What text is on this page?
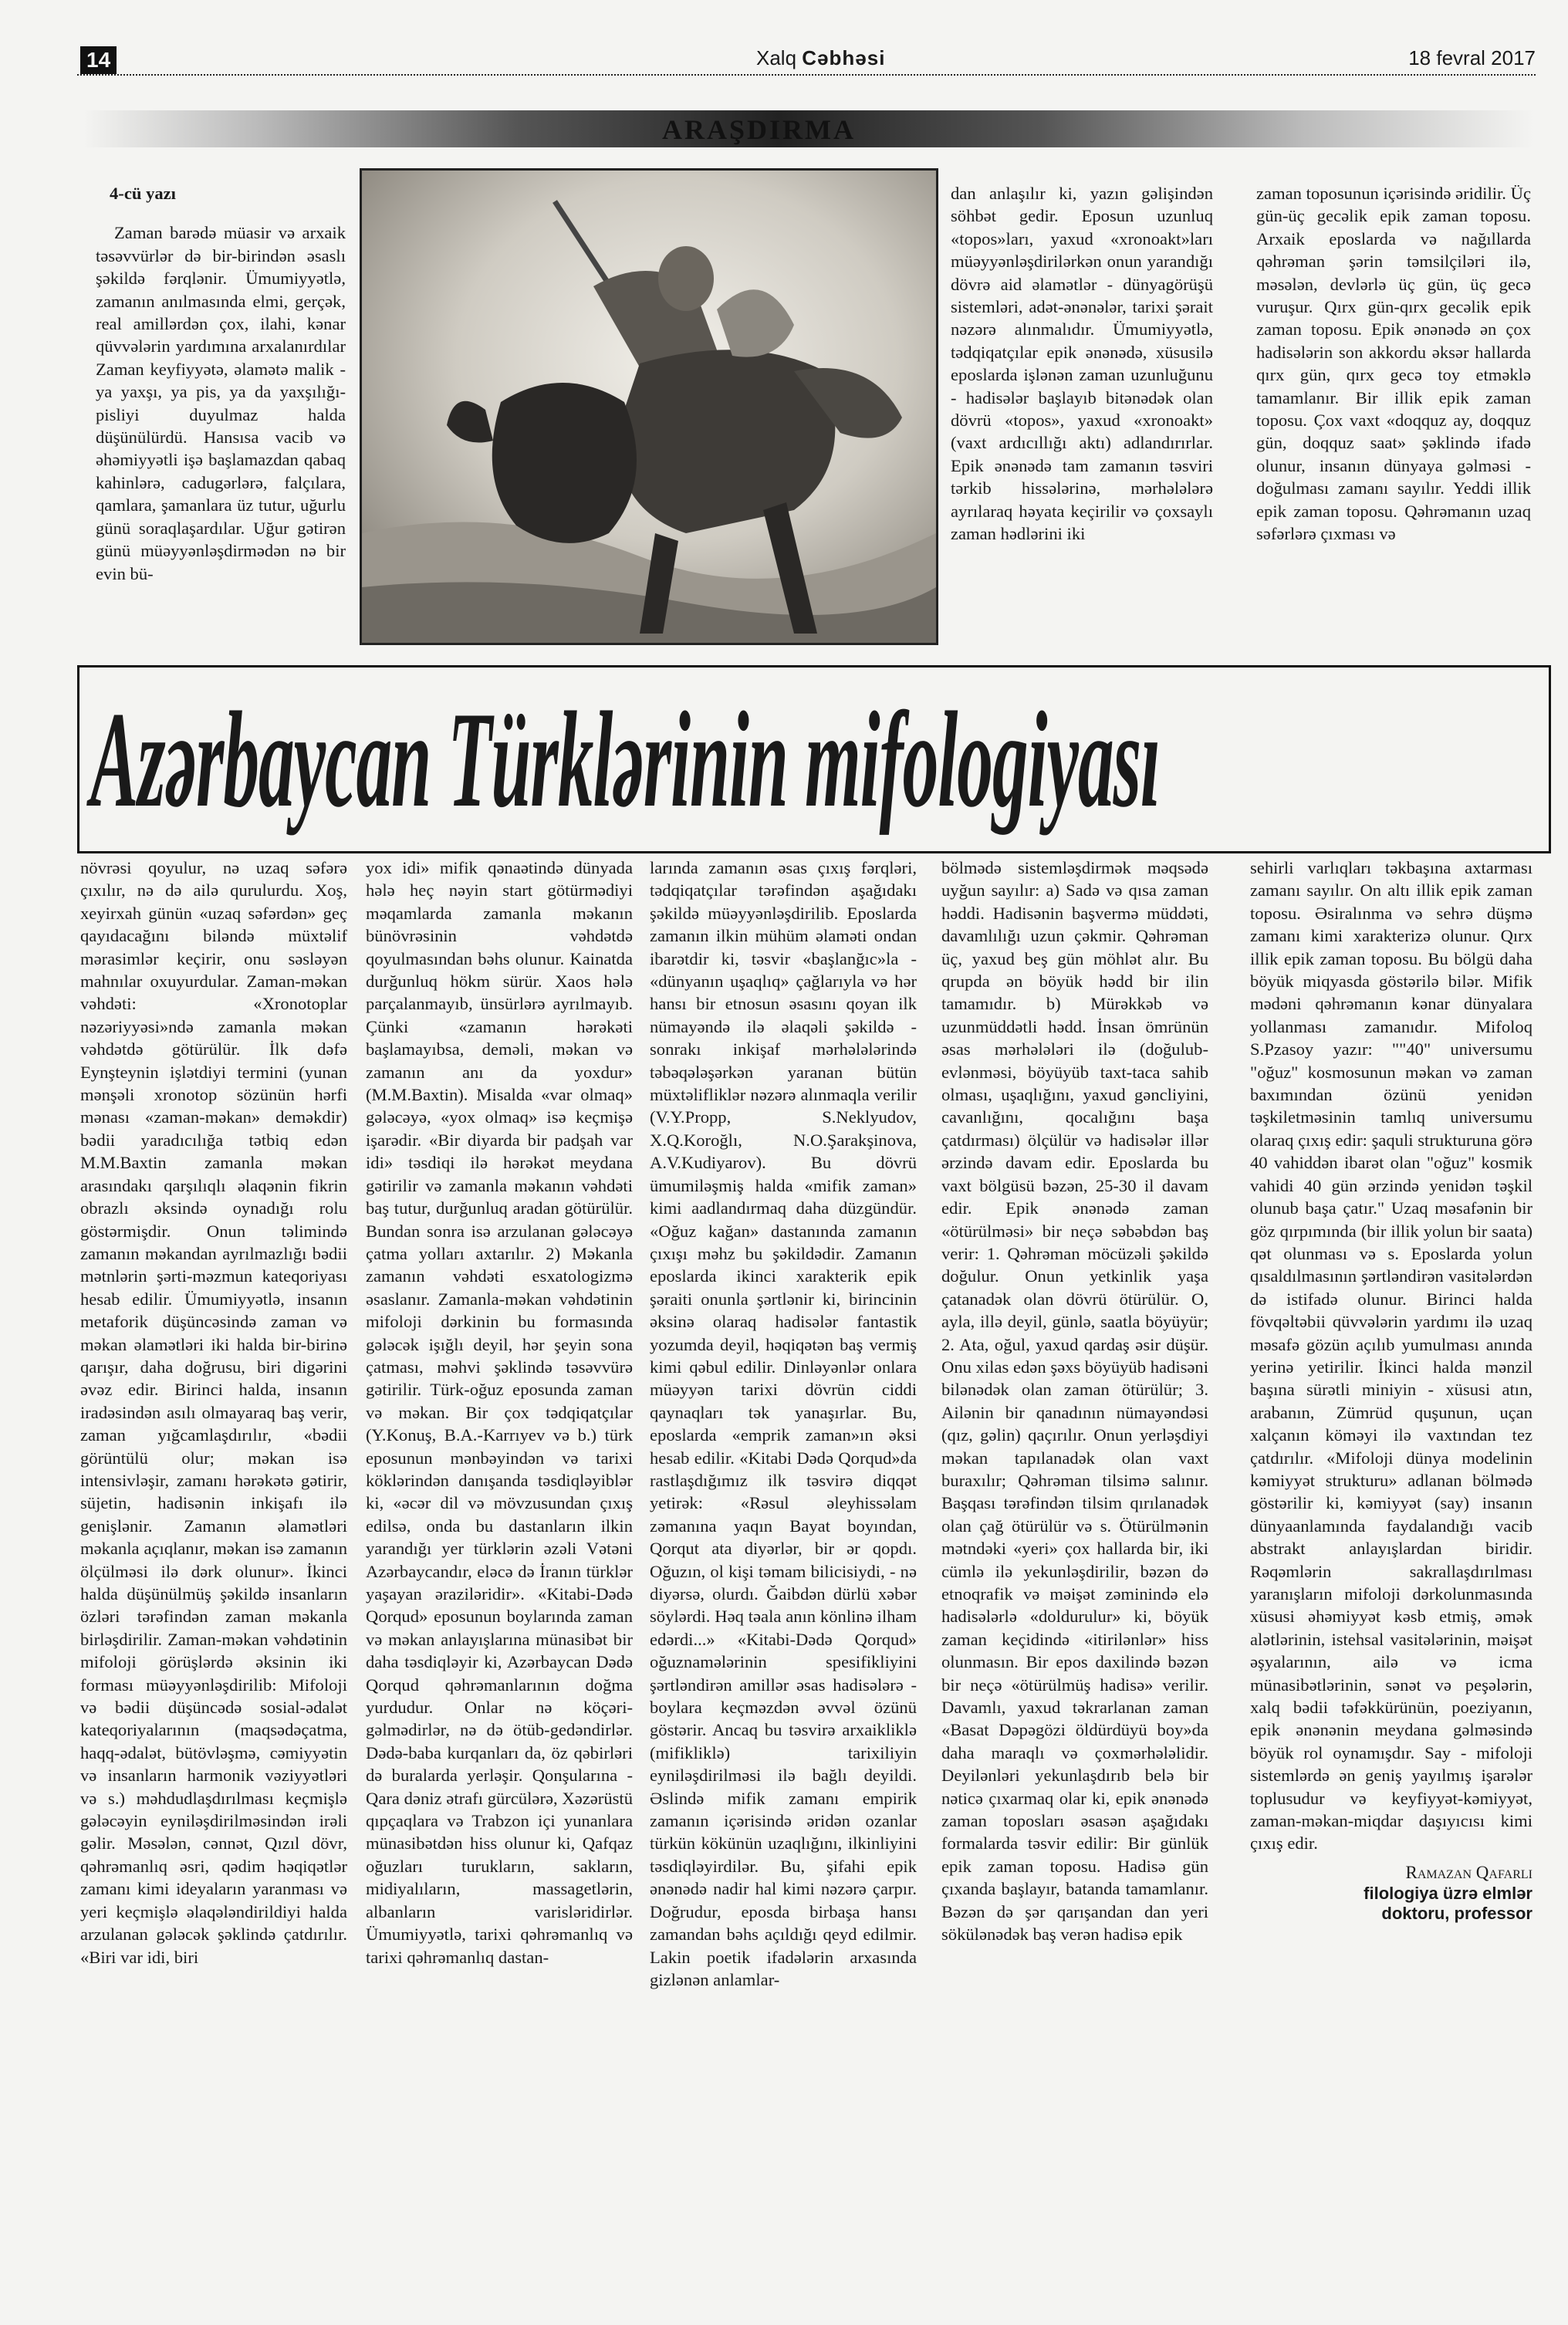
14	Xalq Cəbhəsi	18 fevral 2017
ARAŞDIRMA

4-cü yazı

Zaman barədə müasir və arxaik təsəvvürlər də bir-birindən əsaslı şəkildə fərqlənir. Ümumiyyətlə, zamanın anılmasında elmi, gerçək, real amillərdən çox, ilahi, kənar qüvvələrin yardımına arxalanırdılar Zaman keyfiyyətə, əlamətə malik - ya yaxşı, ya pis, ya da yaxşılığı-pisliyi duyulmaz halda düşünülürdü. Hansısa vacib və əhəmiyyətli işə başlamazdan qabaq kahinlərə, cadugərlərə, falçılara, qamlara, şamanlara üz tutur, uğurlu günü soraqlaşardılar. Uğur gətirən günü müəyyənləşdirmədən nə bir evin bü-

dan anlaşılır ki, yazın gəlişindən söhbət gedir. Eposun uzunluq «topos»ları, yaxud «xronoakt»ları müəyyənləşdirilərkən onun yarandığı dövrə aid əlamətlər - dünyagörüşü sistemləri, adət-ənənələr, tarixi şərait nəzərə alınmalıdır. Ümumiyyətlə, tədqiqatçılar epik ənənədə, xüsusilə eposlarda işlənən zaman uzunluğunu - hadisələr başlayıb bitənədək olan dövrü «topos», yaxud «xronoakt» (vaxt ardıcıllığı aktı) adlandırırlar. Epik ənənədə tam zamanın təsviri tərkib hissələrinə, mərhələlərə ayrılaraq həyata keçirilir və çoxsaylı zaman hədlərini iki

zaman toposunun içərisində əridilir. Üç gün-üç gecəlik epik zaman toposu. Arxaik eposlarda və nağıllarda qəhrəman şərin təmsilçiləri ilə, məsələn, devlərlə üç gün, üç gecə vuruşur. Qırx gün-qırx gecəlik epik zaman toposu. Epik ənənədə ən çox hadisələrin son akkordu əksər hallarda qırx gün, qırx gecə toy etməklə tamamlanır. Bir illik epik zaman toposu. Çox vaxt «doqquz ay, doqquz gün, doqquz saat» şəklində ifadə olunur, insanın dünyaya gəlməsi - doğulması zamanı sayılır. Yeddi illik epik zaman toposu. Qəhrəmanın uzaq səfərlərə çıxması və

Azərbaycan Türklərinin mifologiyası

növrəsi qoyulur, nə uzaq səfərə çıxılır, nə də ailə qurulurdu. Xoş, xeyirxah günün «uzaq səfərdən» geç qayıdacağını biləndə müxtəlif mərasimlər keçirir, onu səsləyən mahnılar oxuyurdular. Zaman-məkan vəhdəti: «Xronotoplar nəzəriyyəsi»ndə zamanla məkan vəhdətdə götürülür. İlk dəfə Eynşteynin işlətdiyi termini (yunan mənşəli xronotop sözünün hərfi mənası «zaman-məkan» deməkdir) bədii yaradıcılığa tətbiq edən M.M.Baxtin zamanla məkan arasındakı qarşılıqlı əlaqənin fikrin obrazlı əksində oynadığı rolu göstərmişdir. Onun təlimində zamanın məkandan ayrılmazlığı bədii mətnlərin şərti-məzmun kateqoriyası hesab edilir. Ümumiyyətlə, insanın metaforik düşüncəsində zaman və məkan əlamətləri iki halda bir-birinə qarışır, daha doğrusu, biri digərini əvəz edir. Birinci halda, insanın iradəsindən asılı olmayaraq baş verir, zaman yığcamlaşdırılır, «bədii görüntülü olur; məkan isə intensivləşir, zamanı hərəkətə gətirir, süjetin, hadisənin inkişafı ilə genişlənir. Zamanın əlamətləri məkanla açıqlanır, məkan isə zamanın ölçülməsi ilə dərk olunur». İkinci halda düşünülmüş şəkildə insanların özləri tərəfindən zaman məkanla birləşdirilir. Zaman-məkan vəhdətinin mifoloji görüşlərdə əksinin iki forması müəyyənləşdirilib: Mifoloji və bədii düşüncədə sosial-ədalət kateqoriyalarının (maqsədəçatma, haqq-ədalət, bütövləşmə, cəmiyyətin və insanların harmonik vəziyyətləri və s.) məhdudlaşdırılması keçmişlə gələcəyin eyniləşdirilməsindən irəli gəlir. Məsələn, cənnət, Qızıl dövr, qəhrəmanlıq əsri, qədim həqiqətlər zamanı kimi ideyaların yaranması və yeri keçmişlə əlaqələndirildiyi halda arzulanan gələcək şəklində çatdırılır. «Biri var idi, biri

yox idi» mifik qənaətində dünyada hələ heç nəyin start götürmədiyi məqamlarda zamanla məkanın bünövrəsinin vəhdətdə qoyulmasından bəhs olunur. Kainatda durğunluq hökm sürür. Xaos hələ parçalanmayıb, ünsürlərə ayrılmayıb. Çünki «zamanın hərəkəti başlamayıbsa, deməli, məkan və zamanın anı da yoxdur» (M.M.Baxtin). Misalda «var olmaq» gələcəyə, «yox olmaq» isə keçmişə işarədir. «Bir diyarda bir padşah var idi» təsdiqi ilə hərəkət meydana gətirilir və zamanla məkanın vəhdəti baş tutur, durğunluq aradan götürülür. Bundan sonra isə arzulanan gələcəyə çatma yolları axtarılır. 2) Məkanla zamanın vəhdəti esxatologizmə əsaslanır. Zamanla-məkan vəhdətinin mifoloji dərkinin bu formasında gələcək işığlı deyil, hər şeyin sona çatması, məhvi şəklində təsəvvürə gətirilir. Türk-oğuz eposunda zaman və məkan. Bir çox tədqiqatçılar (Y.Konuş, B.A.-Karrıyev və b.) türk eposunun mənbəyindən və tarixi köklərindən danışanda təsdiqləyiblər ki, «əcər dil və mövzusundan çıxış edilsə, onda bu dastanların ilkin yarandığı yer türklərin əzəli Vətəni Azərbaycandır, eləcə də İranın türklər yaşayan əraziləridir». «Kitabi-Dədə Qorqud» eposunun boylarında zaman və məkan anlayışlarına münasibət bir daha təsdiqləyir ki, Azərbaycan Dədə Qorqud qəhrəmanlarının doğma yurdudur. Onlar nə köçəri-gəlmədirlər, nə də ötüb-gedəndirlər. Dədə-baba kurqanları da, öz qəbirləri də buralarda yerləşir. Qonşularına - Qara dəniz ətrafı gürcülərə, Xəzərüstü qıpçaqlara və Trabzon içi yunanlara münasibətdən hiss olunur ki, Qafqaz oğuzları turukların, sakların, midiyalıların, massagetlərin, albanların varisləridirlər. Ümumiyyətlə, tarixi qəhrəmanlıq və tarixi qəhrəmanlıq dastan-

larında zamanın əsas çıxış fərqləri, tədqiqatçılar tərəfindən aşağıdakı şəkildə müəyyənləşdirilib. Eposlarda zamanın ilkin mühüm əlaməti ondan ibarətdir ki, təsvir «başlanğıc»la - «dünyanın uşaqlıq» çağlarıyla və hər hansı bir etnosun əsasını qoyan ilk nümayəndə ilə əlaqəli şəkildə - sonrakı inkişaf mərhələlərində təbəqələşərkən yaranan bütün müxtəlifliklər nəzərə alınmaqla verilir (V.Y.Propp, S.Neklyudov, X.Q.Koroğlı, N.O.Şarakşinova, A.V.Kudiyarov). Bu dövrü ümumiləşmiş halda «mifik zaman» kimi aadlandırmaq daha düzgündür. «Oğuz kağan» dastanında zamanın çıxışı məhz bu şəkildədir. Zamanın eposlarda ikinci xarakterik epik şəraiti onunla şərtlənir ki, birincinin əksinə olaraq hadisələr fantastik yozumda deyil, həqiqətən baş vermiş kimi qəbul edilir. Dinləyənlər onlara müəyyən tarixi dövrün ciddi qaynaqları tək yanaşırlar. Bu, eposlarda «emprik zaman»ın əksi hesab edilir. «Kitabi Dədə Qorqud»da rastlaşdığımız ilk təsvirə diqqət yetirək: «Rəsul əleyhissəlam zəmanına yaqın Bayat boyından, Qorqut ata diyərlər, bir ər qopdı. Oğuzın, ol kişi təmam bilicisiydi, - nə diyərsə, olurdı. Ğaibdən dürlü xəbər söylərdi. Həq təala anın könlinə ilham edərdi...» «Kitabi-Dədə Qorqud» oğuznamələrinin spesifikliyini şərtləndirən amillər əsas hadisələrə - boylara keçməzdən əvvəl özünü göstərir. Ancaq bu təsvirə arxaikliklə (mifikliklə) tarixiliyin eyniləşdirilməsi ilə bağlı deyildi. Əslində mifik zamanı empirik zamanın içərisində əridən ozanlar türkün kökünün uzaqlığını, ilkinliyini təsdiqləyirdilər. Bu, şifahi epik ənənədə nadir hal kimi nəzərə çarpır. Doğrudur, eposda birbaşa hansı zamandan bəhs açıldığı qeyd edilmir. Lakin poetik ifadələrin arxasında gizlənən anlamlar-

bölmədə sistemləşdirmək məqsədə uyğun sayılır: a) Sadə və qısa zaman həddi. Hadisənin başvermə müddəti, davamlılığı uzun çəkmir. Qəhrəman üç, yaxud beş gün möhlət alır. Bu qrupda ən böyük hədd bir ilin tamamıdır. b) Mürəkkəb və uzunmüddətli hədd. İnsan ömrünün əsas mərhələləri ilə (doğulub-evlənməsi, böyüyüb taxt-taca sahib olması, uşaqlığını, yaxud gəncliyini, cavanlığını, qocalığını başa çatdırması) ölçülür və hadisələr illər ərzində davam edir. Eposlarda bu vaxt bölgüsü bəzən, 25-30 il davam edir. Epik ənənədə zaman «ötürülməsi» bir neçə səbəbdən baş verir: 1. Qəhrəman möcüzəli şəkildə doğulur. Onun yetkinlik yaşa çatanadək olan dövrü ötürülür. O, ayla, illə deyil, günlə, saatla böyüyür; 2. Ata, oğul, yaxud qardaş əsir düşür. Onu xilas edən şəxs böyüyüb hadisəni bilənədək olan zaman ötürülür; 3. Ailənin bir qanadının nümayəndəsi (qız, gəlin) qaçırılır. Onun yerləşdiyi məkan tapılanadək olan vaxt buraxılır; Qəhrəman tilsimə salınır. Başqası tərəfindən tilsim qırılanadək olan çağ ötürülür və s. Ötürülmənin mətndəki «yeri» çox hallarda bir, iki cümlə ilə yekunləşdirilir, bəzən də etnoqrafik və məişət zəminində elə hadisələrlə «doldurulur» ki, böyük zaman keçidində «itirilənlər» hiss olunmasın. Bir epos daxilində bəzən bir neçə «ötürülmüş hadisə» verilir. Davamlı, yaxud təkrarlanan zaman «Basat Dəpəgözi öldürdüyü boy»da daha maraqlı və çoxmərhələlidir. Deyilənləri yekunlaşdırıb belə bir nəticə çıxarmaq olar ki, epik ənənədə zaman toposları əsasən aşağıdakı formalarda təsvir edilir: Bir günlük epik zaman toposu. Hadisə gün çıxanda başlayır, batanda tamamlanır. Bəzən də şər qarışandan dan yeri sökülənədək baş verən hadisə epik

sehirli varlıqları təkbaşına axtarması zamanı sayılır. On altı illik epik zaman toposu. Əsiralınma və sehrə düşmə zamanı kimi xarakterizə olunur. Qırx illik epik zaman toposu. Bu bölgü daha böyük miqyasda göstərilə bilər. Mifik mədəni qəhrəmanın kənar dünyalara yollanması zamanıdır. Mifoloq S.Pzasoy yazır: ""40" universumu "oğuz" kosmosunun məkan və zaman baxımından özünü yenidən təşkiletməsinin tamlıq universumu olaraq çıxış edir: şaquli strukturuna görə 40 vahiddən ibarət olan "oğuz" kosmik vahidi 40 gün ərzində yenidən təşkil olunub başa çatır." Uzaq məsafənin bir göz qırpımında (bir illik yolun bir saata) qət olunması və s. Eposlarda yolun qısaldılmasının şərtləndirən vasitələrdən də istifadə olunur. Birinci halda fövqəltəbii qüvvələrin yardımı ilə uzaq məsafə gözün açılıb yumulması anında yerinə yetirilir. İkinci halda mənzil başına sürətli miniyin - xüsusi atın, arabanın, Zümrüd quşunun, uçan xalçanın köməyi ilə vaxtından tez çatdırılır. «Mifoloji dünya modelinin kəmiyyət strukturu» adlanan bölmədə göstərilir ki, kəmiyyət (say) insanın dünyaanlamında faydalandığı vacib abstrakt anlayışlardan biridir. Rəqəmlərin sakrallaşdırılması yaranışların mifoloji dərkolunmasında xüsusi əhəmiyyət kəsb etmiş, əmək alətlərinin, istehsal vasitələrinin, məişət əşyalarının, ailə və icma münasibətlərinin, sənət və peşələrin, xalq bədii təfəkkürünün, poeziyanın, epik ənənənin meydana gəlməsində böyük rol oynamışdır. Say - mifoloji sistemlərdə ən geniş yayılmış işarələr toplusudur və keyfiyyət-kəmiyyət, zaman-məkan-miqdar daşıyıcısı kimi çıxış edir.

Ramazan Qafarlı
filologiya üzrə elmlər
doktoru, professor
